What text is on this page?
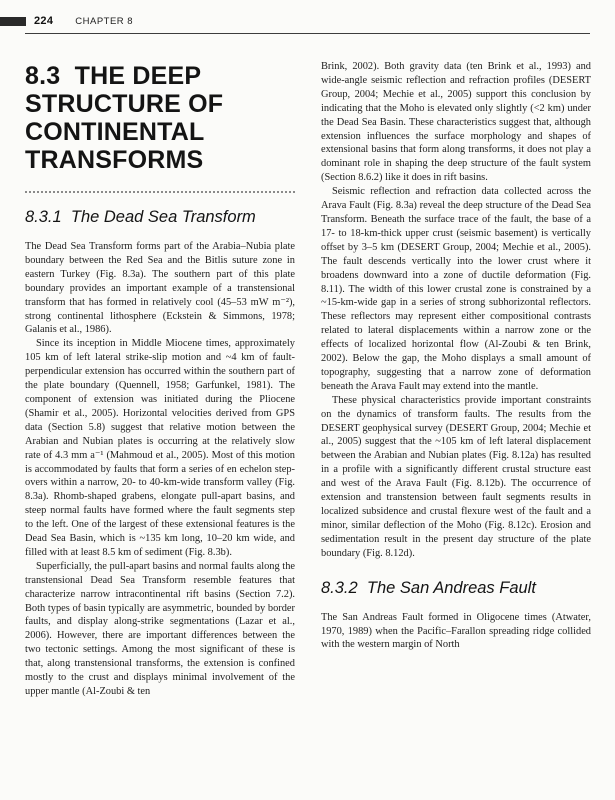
224 CHAPTER 8
8.3  THE DEEP STRUCTURE OF CONTINENTAL TRANSFORMS
8.3.1  The Dead Sea Transform

The Dead Sea Transform forms part of the Arabia–Nubia plate boundary between the Red Sea and the Bitlis suture zone in eastern Turkey (Fig. 8.3a). The southern part of this plate boundary provides an important example of a transtensional transform that has formed in relatively cool (45–53 mW m⁻²), strong continental lithosphere (Eckstein & Simmons, 1978; Galanis et al., 1986).

Since its inception in Middle Miocene times, approximately 105 km of left lateral strike-slip motion and ~4 km of fault-perpendicular extension has occurred within the southern part of the plate boundary (Quennell, 1958; Garfunkel, 1981). The component of extension was initiated during the Pliocene (Shamir et al., 2005). Horizontal velocities derived from GPS data (Section 5.8) suggest that relative motion between the Arabian and Nubian plates is occurring at the relatively slow rate of 4.3 mm a⁻¹ (Mahmoud et al., 2005). Most of this motion is accommodated by faults that form a series of en echelon step-overs within a narrow, 20- to 40-km-wide transform valley (Fig. 8.3a). Rhomb-shaped grabens, elongate pull-apart basins, and steep normal faults have formed where the fault segments step to the left. One of the largest of these extensional features is the Dead Sea Basin, which is ~135 km long, 10–20 km wide, and filled with at least 8.5 km of sediment (Fig. 8.3b).

Superficially, the pull-apart basins and normal faults along the transtensional Dead Sea Transform resemble features that characterize narrow intracontinental rift basins (Section 7.2). Both types of basin typically are asymmetric, bounded by border faults, and display along-strike segmentations (Lazar et al., 2006). However, there are important differences between the two tectonic settings. Among the most significant of these is that, along transtensional transforms, the extension is confined mostly to the crust and displays minimal involvement of the upper mantle (Al-Zoubi & ten

Brink, 2002). Both gravity data (ten Brink et al., 1993) and wide-angle seismic reflection and refraction profiles (DESERT Group, 2004; Mechie et al., 2005) support this conclusion by indicating that the Moho is elevated only slightly (<2 km) under the Dead Sea Basin. These characteristics suggest that, although extension influences the surface morphology and shapes of extensional basins that form along transforms, it does not play a dominant role in shaping the deep structure of the fault system (Section 8.6.2) like it does in rift basins.

Seismic reflection and refraction data collected across the Arava Fault (Fig. 8.3a) reveal the deep structure of the Dead Sea Transform. Beneath the surface trace of the fault, the base of a 17- to 18-km-thick upper crust (seismic basement) is vertically offset by 3–5 km (DESERT Group, 2004; Mechie et al., 2005). The fault descends vertically into the lower crust where it broadens downward into a zone of ductile deformation (Fig. 8.11). The width of this lower crustal zone is constrained by a ~15-km-wide gap in a series of strong subhorizontal reflectors. These reflectors may represent either compositional contrasts related to lateral displacements within a narrow zone or the effects of localized horizontal flow (Al-Zoubi & ten Brink, 2002). Below the gap, the Moho displays a small amount of topography, suggesting that a narrow zone of deformation beneath the Arava Fault may extend into the mantle.

These physical characteristics provide important constraints on the dynamics of transform faults. The results from the DESERT geophysical survey (DESERT Group, 2004; Mechie et al., 2005) suggest that the ~105 km of left lateral displacement between the Arabian and Nubian plates (Fig. 8.12a) has resulted in a profile with a significantly different crustal structure east and west of the Arava Fault (Fig. 8.12b). The occurrence of extension and transtension between fault segments results in localized subsidence and crustal flexure west of the fault and a minor, similar deflection of the Moho (Fig. 8.12c). Erosion and sedimentation result in the present day structure of the plate boundary (Fig. 8.12d).

8.3.2  The San Andreas Fault

The San Andreas Fault formed in Oligocene times (Atwater, 1970, 1989) when the Pacific–Farallon spreading ridge collided with the western margin of North
